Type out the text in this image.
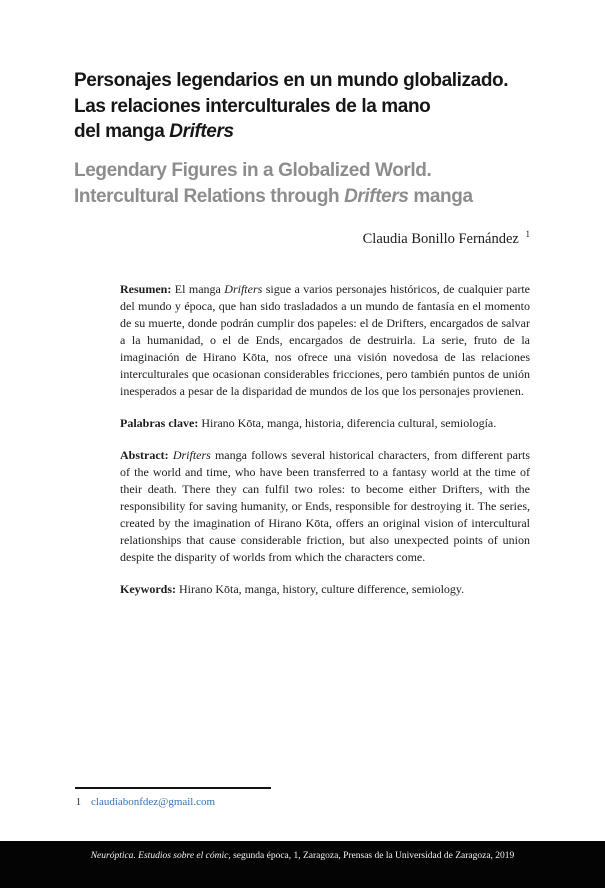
Personajes legendarios en un mundo globalizado.
Las relaciones interculturales de la mano
del manga Drifters
Legendary Figures in a Globalized World.
Intercultural Relations through Drifters manga
Claudia Bonillo Fernández $^1$

Resumen: El manga Drifters sigue a varios personajes históricos, de cualquier parte del mundo y época, que han sido trasladados a un mundo de fantasía en el momento de su muerte, donde podrán cumplir dos papeles: el de Drifters, encargados de salvar a la humanidad, o el de Ends, encargados de destruirla. La serie, fruto de la imaginación de Hirano Kōta, nos ofrece una visión novedosa de las relaciones interculturales que ocasionan considerables fricciones, pero también puntos de unión inesperados a pesar de la disparidad de mundos de los que los personajes provienen.

Palabras clave: Hirano Kōta, manga, historia, diferencia cultural, semiología.

Abstract: Drifters manga follows several historical characters, from different parts of the world and time, who have been transferred to a fantasy world at the time of their death. There they can fulfil two roles: to become either Drifters, with the responsibility for saving humanity, or Ends, responsible for destroying it. The series, created by the imagination of Hirano Kōta, offers an original vision of intercultural relationships that cause considerable friction, but also unexpected points of union despite the disparity of worlds from which the characters come.

Keywords: Hirano Kōta, manga, history, culture difference, semiology.

1 claudiabonfdez@gmail.com
Neuróptica. Estudios sobre el cómic, segunda época, 1, Zaragoza, Prensas de la Universidad de Zaragoza, 2019
